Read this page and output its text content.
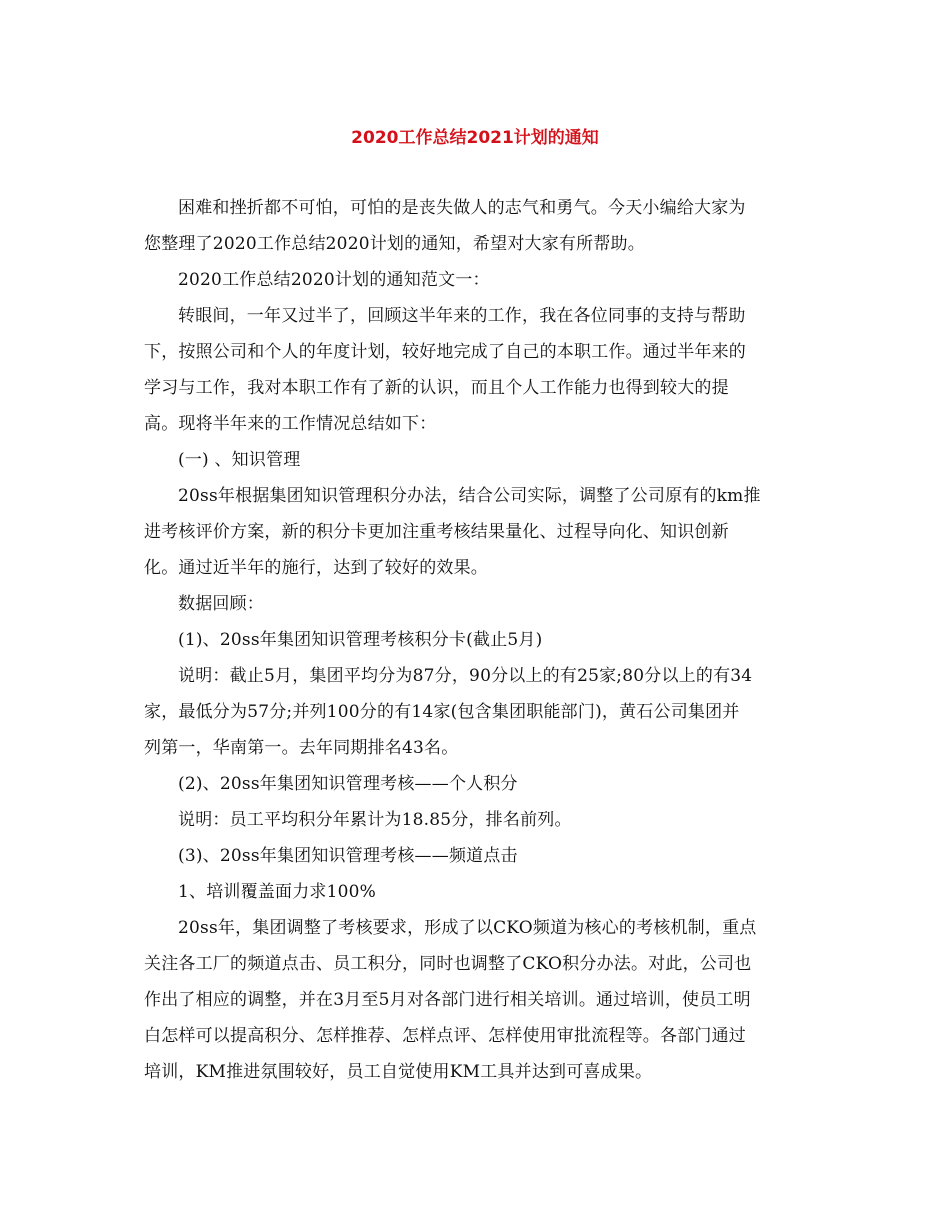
2020工作总结2021计划的通知
困难和挫折都不可怕，可怕的是丧失做人的志气和勇气。今天小编给大家为
您整理了2020工作总结2020计划的通知，希望对大家有所帮助。
2020工作总结2020计划的通知范文一：
转眼间，一年又过半了，回顾这半年来的工作，我在各位同事的支持与帮助
下，按照公司和个人的年度计划，较好地完成了自己的本职工作。通过半年来的
学习与工作，我对本职工作有了新的认识，而且个人工作能力也得到较大的提
高。现将半年来的工作情况总结如下：
(一) 、知识管理
20ss年根据集团知识管理积分办法，结合公司实际，调整了公司原有的km推
进考核评价方案，新的积分卡更加注重考核结果量化、过程导向化、知识创新
化。通过近半年的施行，达到了较好的效果。
数据回顾：
(1)、20ss年集团知识管理考核积分卡(截止5月)
说明：截止5月，集团平均分为87分，90分以上的有25家;80分以上的有34
家，最低分为57分;并列100分的有14家(包含集团职能部门)，黄石公司集团并
列第一，华南第一。去年同期排名43名。
(2)、20ss年集团知识管理考核——个人积分
说明：员工平均积分年累计为18.85分，排名前列。
(3)、20ss年集团知识管理考核——频道点击
1、培训覆盖面力求100%
20ss年，集团调整了考核要求，形成了以CKO频道为核心的考核机制，重点
关注各工厂的频道点击、员工积分，同时也调整了CKO积分办法。对此，公司也
作出了相应的调整，并在3月至5月对各部门进行相关培训。通过培训，使员工明
白怎样可以提高积分、怎样推荐、怎样点评、怎样使用审批流程等。各部门通过
培训，KM推进氛围较好，员工自觉使用KM工具并达到可喜成果。
